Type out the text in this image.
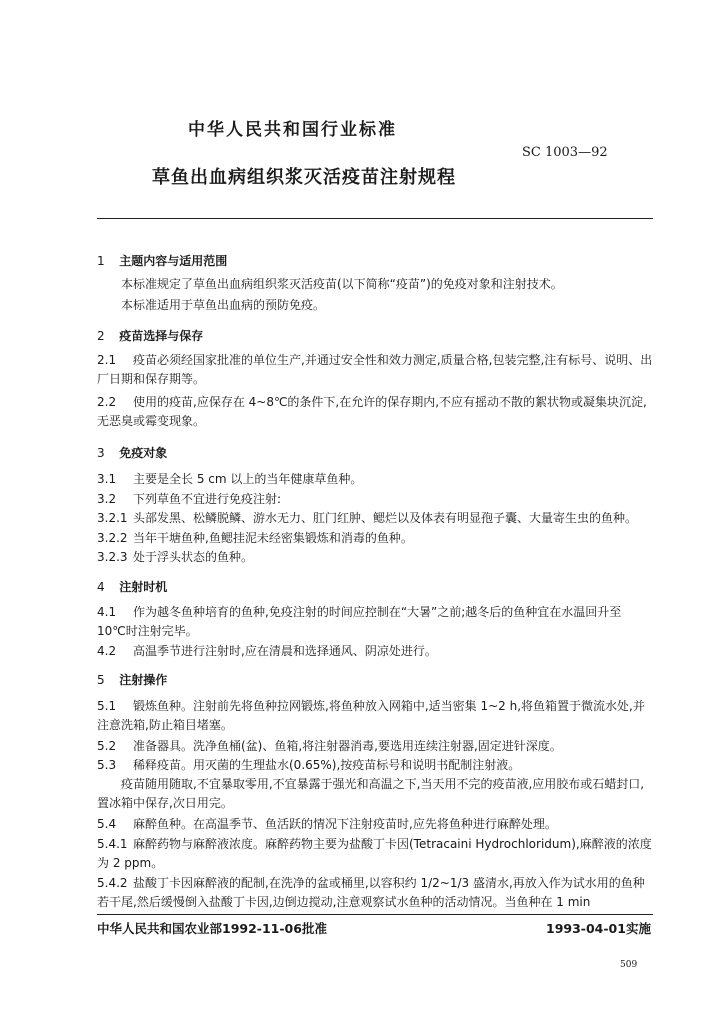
中华人民共和国行业标准
SC 1003—92
草鱼出血病组织浆灭活疫苗注射规程
1 主题内容与适用范围
本标准规定了草鱼出血病组织浆灭活疫苗(以下简称“疫苗”)的免疫对象和注射技术。
本标准适用于草鱼出血病的预防免疫。
2 疫苗选择与保存
2.1 疫苗必须经国家批准的单位生产,并通过安全性和效力测定,质量合格,包装完整,注有标号、说明、出厂日期和保存期等。
2.2 使用的疫苗,应保存在 4~8℃的条件下,在允许的保存期内,不应有摇动不散的絮状物或凝集块沉淀,无恶臭或霉变现象。
3 免疫对象
3.1 主要是全长 5 cm 以上的当年健康草鱼种。
3.2 下列草鱼不宜进行免疫注射:
3.2.1 头部发黑、松鳞脱鳞、游水无力、肛门红肿、鳃烂以及体表有明显孢子囊、大量寄生虫的鱼种。
3.2.2 当年干塘鱼种,鱼鳃挂泥未经密集锻炼和消毒的鱼种。
3.2.3 处于浮头状态的鱼种。
4 注射时机
4.1 作为越冬鱼种培育的鱼种,免疫注射的时间应控制在“大暑”之前;越冬后的鱼种宜在水温回升至 10℃时注射完毕。
4.2 高温季节进行注射时,应在清晨和选择通风、阴凉处进行。
5 注射操作
5.1 锻炼鱼种。注射前先将鱼种拉网锻炼,将鱼种放入网箱中,适当密集 1~2 h,将鱼箱置于微流水处,并注意洗箱,防止箱目堵塞。
5.2 准备器具。洗净鱼桶(盆)、鱼箱,将注射器消毒,要选用连续注射器,固定进针深度。
5.3 稀释疫苗。用灭菌的生理盐水(0.65%),按疫苗标号和说明书配制注射液。
疫苗随用随取,不宜暴取零用,不宜暴露于强光和高温之下,当天用不完的疫苗液,应用胶布或石蜡封口,置冰箱中保存,次日用完。
5.4 麻醉鱼种。在高温季节、鱼活跃的情况下注射疫苗时,应先将鱼种进行麻醉处理。
5.4.1 麻醉药物与麻醉液浓度。麻醉药物主要为盐酸丁卡因(Tetracaini Hydrochloridum),麻醉液的浓度为 2 ppm。
5.4.2 盐酸丁卡因麻醉液的配制,在洗净的盆或桶里,以容积约 1/2~1/3 盛清水,再放入作为试水用的鱼种若干尾,然后缓慢倒入盐酸丁卡因,边倒边搅动,注意观察试水鱼种的活动情况。当鱼种在 1 min
中华人民共和国农业部1992-11-06批准	1993-04-01实施
509
